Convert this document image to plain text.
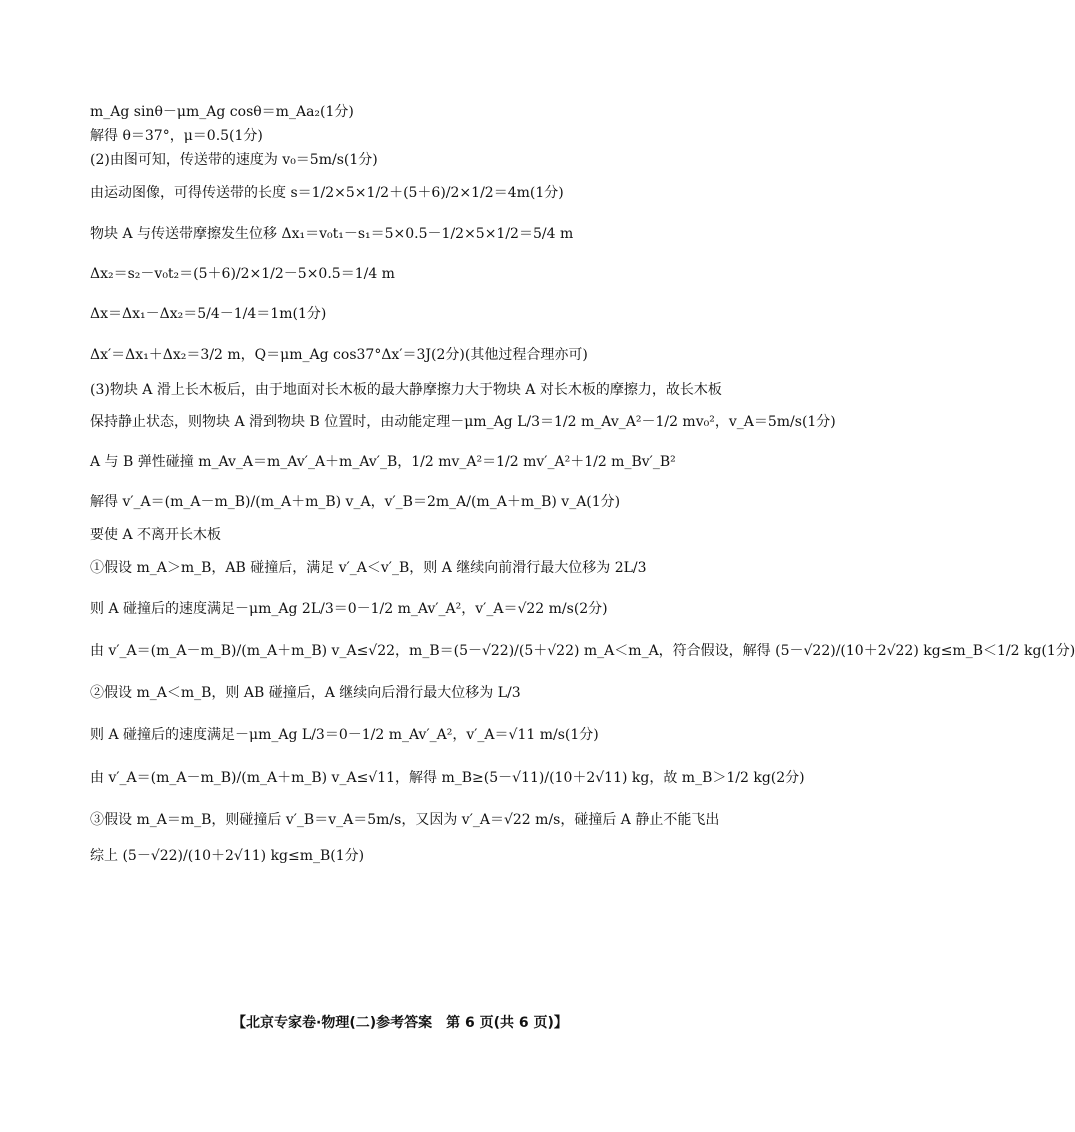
m_Ag sinθ－μm_Ag cosθ＝m_Aa₂(1分)
解得 θ＝37°，μ＝0.5(1分)
(2)由图可知，传送带的速度为 v₀＝5m/s(1分)
由运动图像，可得传送带的长度 s＝1/2×5×1/2＋(5＋6)/2×1/2＝4m(1分)
物块 A 与传送带摩擦发生位移 Δx₁＝v₀t₁－s₁＝5×0.5－1/2×5×1/2＝5/4 m
Δx₂＝s₂－v₀t₂＝(5＋6)/2×1/2－5×0.5＝1/4 m
Δx＝Δx₁－Δx₂＝5/4－1/4＝1m(1分)
Δx′＝Δx₁＋Δx₂＝3/2 m，Q＝μm_Ag cos37°Δx′＝3J(2分)(其他过程合理亦可)
(3)物块 A 滑上长木板后，由于地面对长木板的最大静摩擦力大于物块 A 对长木板的摩擦力，故长木板
保持静止状态，则物块 A 滑到物块 B 位置时，由动能定理－μm_Ag L/3＝1/2 m_Av_A²－1/2 mv₀²，v_A＝5m/s(1分)
A 与 B 弹性碰撞 m_Av_A＝m_Av′_A＋m_Av′_B，1/2 mv_A²＝1/2 mv′_A²＋1/2 m_Bv′_B²
解得 v′_A＝(m_A－m_B)/(m_A＋m_B) v_A，v′_B＝2m_A/(m_A＋m_B) v_A(1分)
要使 A 不离开长木板
①假设 m_A＞m_B，AB 碰撞后，满足 v′_A＜v′_B，则 A 继续向前滑行最大位移为 2L/3
则 A 碰撞后的速度满足－μm_Ag 2L/3＝0－1/2 m_Av′_A²，v′_A＝√22 m/s(2分)
由 v′_A＝(m_A－m_B)/(m_A＋m_B) v_A≤√22，m_B＝(5－√22)/(5＋√22) m_A＜m_A，符合假设，解得 (5－√22)/(10＋2√22) kg≤m_B＜1/2 kg(1分)
②假设 m_A＜m_B，则 AB 碰撞后，A 继续向后滑行最大位移为 L/3
则 A 碰撞后的速度满足－μm_Ag L/3＝0－1/2 m_Av′_A²，v′_A＝√11 m/s(1分)
由 v′_A＝(m_A－m_B)/(m_A＋m_B) v_A≤√11，解得 m_B≥(5－√11)/(10＋2√11) kg，故 m_B＞1/2 kg(2分)
③假设 m_A＝m_B，则碰撞后 v′_B＝v_A＝5m/s，又因为 v′_A＝√22 m/s，碰撞后 A 静止不能飞出
综上 (5－√22)/(10＋2√11) kg≤m_B(1分)
【北京专家卷·物理(二)参考答案　第 6 页(共 6 页)】
